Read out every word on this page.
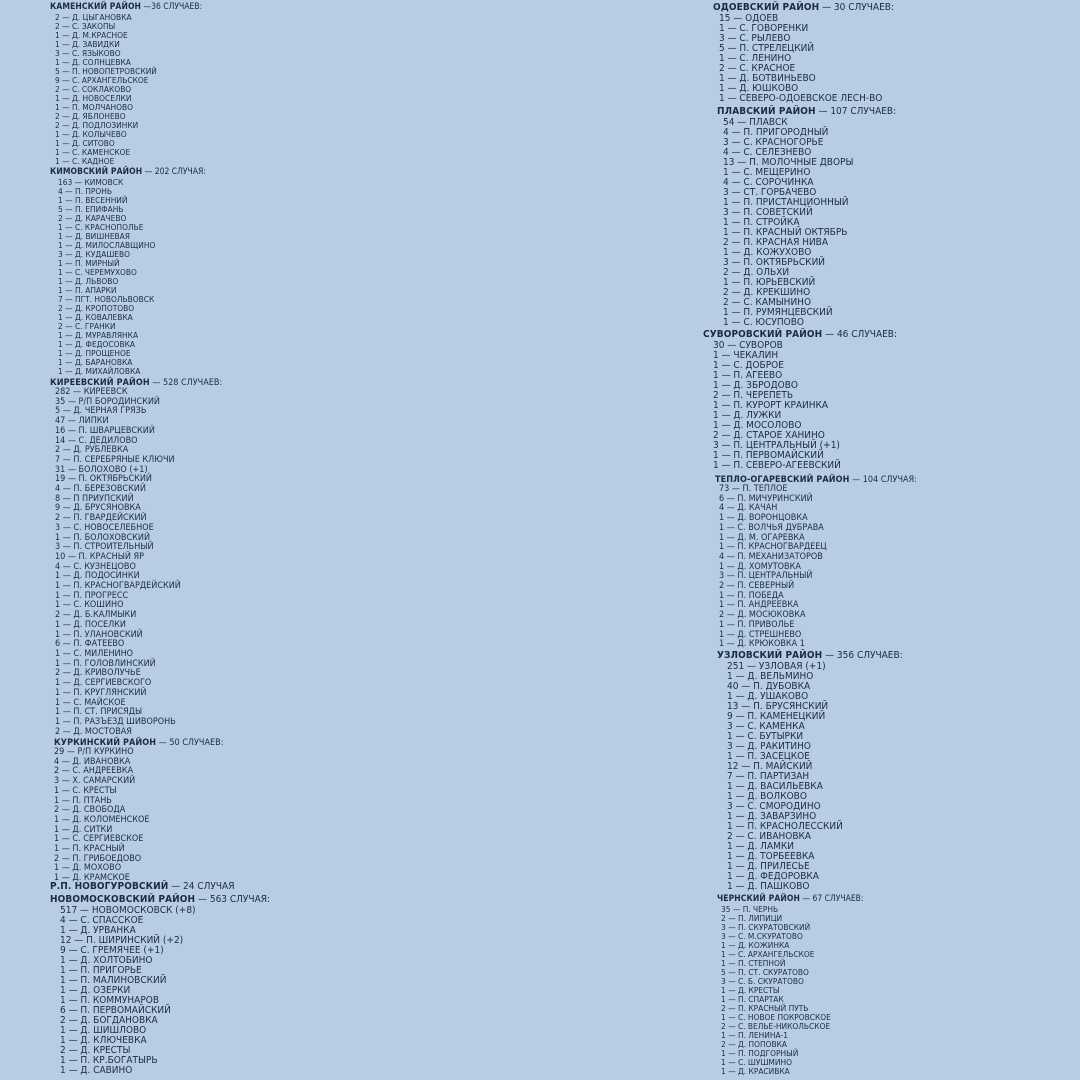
КАМЕНСКИЙ РАЙОН —36 СЛУЧАЕВ:
2 — Д. ЦЫГАНОВКА
2 — С. ЗАКОПЫ
1 — Д. М.КРАСНОЕ
1 — Д. ЗАВИДКИ
3 — С. ЯЗЫКОВО
1 — Д. СОЛНЦЕВКА
5 — П. НОВОПЕТРОВСКИЙ
9 — С. АРХАНГЕЛЬСКОЕ
2 — С. СОКЛАКОВО
1 — Д. НОВОСЕЛКИ
1 — П. МОЛЧАНОВО
2 — Д. ЯБЛОНЕВО
2 — Д. ПОДЛОЗИНКИ
1 — Д. КОЛЫЧЕВО
1 — Д. СИТОВО
1 — С. КАМЕНСКОЕ
1 — С. КАДНОЕ
КИМОВСКИЙ РАЙОН — 202 СЛУЧАЯ:
163 — КИМОВСК
4 — П. ПРОНЬ
1 — П. ВЕСЕННИЙ
5 — П. ЕПИФАНЬ
2 — Д. КАРАЧЕВО
1 — С. КРАСНОПОЛЬЕ
1 — Д. ВИШНЕВАЯ
1 — Д. МИЛОСЛАВЩИНО
3 — Д. КУДАШЕВО
1 — П. МИРНЫЙ
1 — С. ЧЕРЕМУХОВО
1 — Д. ЛЬВОВО
1 — П. АПАРКИ
7 — ПГТ. НОВОЛЬВОВСК
2 — Д. КРОПОТОВО
1 — Д. КОВАЛЕВКА
2 — С. ГРАНКИ
1 — Д. МУРАВЛЯНКА
1 — Д. ФЕДОСОВКА
1 — Д. ПРОЩЕНОЕ
1 — Д. БАРАНОВКА
1 — Д. МИХАЙЛОВКА
КИРЕЕВСКИЙ РАЙОН — 528 СЛУЧАЕВ:
282 — КИРЕЕВСК
35 — Р/П БОРОДИНСКИЙ
5 — Д. ЧЕРНАЯ ГРЯЗЬ
47 — ЛИПКИ
16 — П. ШВАРЦЕВСКИЙ
14 — С. ДЕДИЛОВО
2 — Д. РУБЛЕВКА
7 — П. СЕРЕБРЯНЫЕ КЛЮЧИ
31 — БОЛОХОВО (+1)
19 — П. ОКТЯБРЬСКИЙ
4 — П. БЕРЕЗОВСКИЙ
8 — П ПРИУПСКИЙ
9 — Д. БРУСЯНОВКА
2 — П. ГВАРДЕЙСКИЙ
3 — С. НОВОСЕЛЕБНОЕ
1 — П. БОЛОХОВСКИЙ
3 — П. СТРОИТЕЛЬНЫЙ
10 — П. КРАСНЫЙ ЯР
4 — С. КУЗНЕЦОВО
1 — Д. ПОДОСИНКИ
1 — П. КРАСНОГВАРДЕЙСКИЙ
1 — П. ПРОГРЕСС
1 — С. КОШИНО
2 — Д. Б.КАЛМЫКИ
1 — Д. ПОСЕЛКИ
1 — П. УЛАНОВСКИЙ
6 — П. ФАТЕЕВО
1 — С. МИЛЕНИНО
1 — П. ГОЛОВЛИНСКИЙ
2 — Д. КРИВОЛУЧЬЕ
1 — Д. СЕРГИЕВСКОГО
1 — П. КРУГЛЯНСКИЙ
1 — С. МАЙСКОЕ
1 — П. СТ. ПРИСЯДЫ
1 — П. РАЗЪЕЗД ШИВОРОНЬ
2 — Д. МОСТОВАЯ
КУРКИНСКИЙ РАЙОН — 50 СЛУЧАЕВ:
29 — Р/П КУРКИНО
4 — Д. ИВАНОВКА
2 — С. АНДРЕЕВКА
3 — Х. САМАРСКИЙ
1 — С. КРЕСТЫ
1 — П. ПТАНЬ
2 — Д. СВОБОДА
1 — Д. КОЛОМЕНСКОЕ
1 — Д. СИТКИ
1 — С. СЕРГИЕВСКОЕ
1 — П. КРАСНЫЙ
2 — П. ГРИБОЕДОВО
1 — Д. МОХОВО
1 — Д. КРАМСКОЕ
Р.П. НОВОГУРОВСКИЙ — 24 СЛУЧАЯ
НОВОМОСКОВСКИЙ РАЙОН — 563 СЛУЧАЯ:
517 — НОВОМОСКОВСК (+8)
4 — С. СПАССКОЕ
1 — Д. УРВАНКА
12 — П. ШИРИНСКИЙ (+2)
9 — С. ГРЕМЯЧЕЕ (+1)
1 — Д. ХОЛТОБИНО
1 — П. ПРИГОРЬЕ
1 — П. МАЛИНОВСКИЙ
1 — Д. ОЗЕРКИ
1 — П. КОММУНАРОВ
6 — П. ПЕРВОМАЙСКИЙ
2 — Д. БОГДАНОВКА
1 — Д. ШИШЛОВО
1 — Д. КЛЮЧЕВКА
2 — Д. КРЕСТЫ
1 — П. КР.БОГАТЫРЬ
1 — Д. САВИНО
ОДОЕВСКИЙ РАЙОН — 30 СЛУЧАЕВ:
15 — ОДОЕВ
1 — С. ГОВОРЕНКИ
3 — С. РЫЛЕВО
5 — П. СТРЕЛЕЦКИЙ
1 — С. ЛЕНИНО
2 — С. КРАСНОЕ
1 — Д. БОТВИНЬЕВО
1 — Д. ЮШКОВО
1 — СЕВЕРО-ОДОЕВСКОЕ ЛЕСН-ВО
ПЛАВСКИЙ РАЙОН — 107 СЛУЧАЕВ:
54 — ПЛАВСК
4 — П. ПРИГОРОДНЫЙ
3 — С. КРАСНОГОРЬЕ
4 — С. СЕЛЕЗНЕВО
13 — П. МОЛОЧНЫЕ ДВОРЫ
1 — С. МЕЩЕРИНО
4 — С. СОРОЧИНКА
3 — СТ. ГОРБАЧЕВО
1 — П. ПРИСТАНЦИОННЫЙ
3 — П. СОВЕТСКИЙ
1 — П. СТРОЙКА
1 — П. КРАСНЫЙ ОКТЯБРЬ
2 — П. КРАСНАЯ НИВА
1 — Д. КОЖУХОВО
3 — П. ОКТЯБРЬСКИЙ
2 — Д. ОЛЬХИ
1 — П. ЮРЬЕВСКИЙ
2 — Д. КРЕКШИНО
2 — С. КАМЫНИНО
1 — П. РУМЯНЦЕВСКИЙ
1 — С. ЮСУПОВО
СУВОРОВСКИЙ РАЙОН — 46 СЛУЧАЕВ:
30 — СУВОРОВ
1 — ЧЕКАЛИН
1 — С. ДОБРОЕ
1 — П. АГЕЕВО
1 — Д. ЗБРОДОВО
2 — П. ЧЕРЕПЕТЬ
1 — П. КУРОРТ КРАИНКА
1 — Д. ЛУЖКИ
1 — Д. МОСОЛОВО
2 — Д. СТАРОЕ ХАНИНО
3 — П. ЦЕНТРАЛЬНЫЙ (+1)
1 — П. ПЕРВОМАЙСКИЙ
1 — П. СЕВЕРО-АГЕЕВСКИЙ
ТЕПЛО-ОГАРЕВСКИЙ РАЙОН — 104 СЛУЧАЯ:
73 — П. ТЕПЛОЕ
6 — П. МИЧУРИНСКИЙ
4 — Д. КАЧАН
1 — Д. ВОРОНЦОВКА
1 — С. ВОЛЧЬЯ ДУБРАВА
1 — Д. М. ОГАРЕВКА
1 — П. КРАСНОГВАРДЕЕЦ
4 — П. МЕХАНИЗАТОРОВ
1 — Д. ХОМУТОВКА
3 — П. ЦЕНТРАЛЬНЫЙ
2 — П. СЕВЕРНЫЙ
1 — П. ПОБЕДА
1 — П. АНДРЕЕВКА
2 — Д. МОСЮКОВКА
1 — П. ПРИВОЛЬЕ
1 — Д. СТРЕШНЕВО
1 — Д. КРЮКОВКА 1
УЗЛОВСКИЙ РАЙОН — 356 СЛУЧАЕВ:
251 — УЗЛОВАЯ (+1)
1 — Д. ВЕЛЬМИНО
40 — П. ДУБОВКА
1 — Д. УШАКОВО
13 — П. БРУСЯНСКИЙ
9 — П. КАМЕНЕЦКИЙ
3 — С. КАМЕНКА
1 — С. БУТЫРКИ
3 — Д. РАКИТИНО
1 — П. ЗАСЕЦКОЕ
12 — П. МАЙСКИЙ
7 — П. ПАРТИЗАН
1 — Д. ВАСИЛЬЕВКА
1 — Д. ВОЛКОВО
3 — С. СМОРОДИНО
1 — Д. ЗАВАРЗИНО
1 — П. КРАСНОЛЕССКИЙ
2 — С. ИВАНОВКА
1 — Д. ЛАМКИ
1 — Д. ТОРБЕЕВКА
1 — Д. ПРИЛЕСЬЕ
1 — Д. ФЕДОРОВКА
1 — Д. ПАШКОВО
ЧЕРНСКИЙ РАЙОН — 67 СЛУЧАЕВ:
35 — П. ЧЕРНЬ
2 — П. ЛИПИЦИ
3 — П. СКУРАТОВСКИЙ
3 — С. М.СКУРАТОВО
1 — Д. КОЖИНКА
1 — С. АРХАНГЕЛЬСКОЕ
1 — П. СТЕПНОЙ
5 — П. СТ. СКУРАТОВО
3 — С. Б. СКУРАТОВО
1 — Д. КРЕСТЫ
1 — П. СПАРТАК
2 — П. КРАСНЫЙ ПУТЬ
1 — С. НОВОЕ ПОКРОВСКОЕ
2 — С. ВЕЛЬЕ-НИКОЛЬСКОЕ
1 — П. ЛЕНИНА-1
2 — Д. ПОПОВКА
1 — П. ПОДГОРНЫЙ
1 — С. ШУШМИНО
1 — Д. КРАСИВКА
